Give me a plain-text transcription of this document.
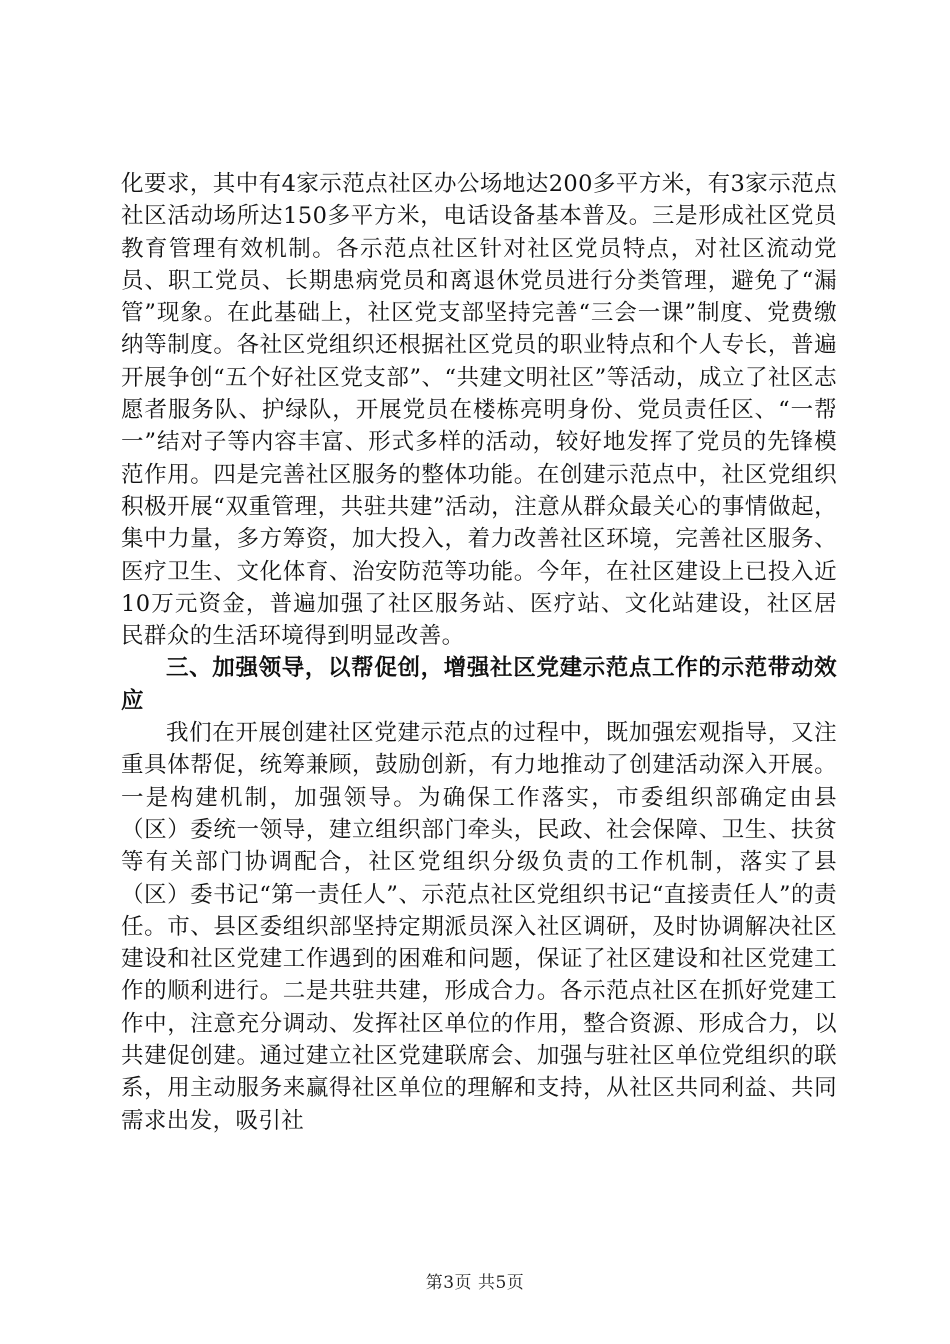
化要求，其中有4家示范点社区办公场地达200多平方米，有3家示范点社区活动场所达150多平方米，电话设备基本普及。三是形成社区党员教育管理有效机制。各示范点社区针对社区党员特点，对社区流动党员、职工党员、长期患病党员和离退休党员进行分类管理，避免了“漏管”现象。在此基础上，社区党支部坚持完善“三会一课”制度、党费缴纳等制度。各社区党组织还根据社区党员的职业特点和个人专长，普遍开展争创“五个好社区党支部”、“共建文明社区”等活动，成立了社区志愿者服务队、护绿队，开展党员在楼栋亮明身份、党员责任区、“一帮一”结对子等内容丰富、形式多样的活动，较好地发挥了党员的先锋模范作用。四是完善社区服务的整体功能。在创建示范点中，社区党组织积极开展“双重管理，共驻共建”活动，注意从群众最关心的事情做起，集中力量，多方筹资，加大投入，着力改善社区环境，完善社区服务、医疗卫生、文化体育、治安防范等功能。今年，在社区建设上已投入近10万元资金，普遍加强了社区服务站、医疗站、文化站建设，社区居民群众的生活环境得到明显改善。

三、加强领导，以帮促创，增强社区党建示范点工作的示范带动效应

我们在开展创建社区党建示范点的过程中，既加强宏观指导，又注重具体帮促，统筹兼顾，鼓励创新，有力地推动了创建活动深入开展。一是构建机制，加强领导。为确保工作落实，市委组织部确定由县（区）委统一领导，建立组织部门牵头，民政、社会保障、卫生、扶贫等有关部门协调配合，社区党组织分级负责的工作机制，落实了县（区）委书记“第一责任人”、示范点社区党组织书记“直接责任人”的责任。市、县区委组织部坚持定期派员深入社区调研，及时协调解决社区建设和社区党建工作遇到的困难和问题，保证了社区建设和社区党建工作的顺利进行。二是共驻共建，形成合力。各示范点社区在抓好党建工作中，注意充分调动、发挥社区单位的作用，整合资源、形成合力，以共建促创建。通过建立社区党建联席会、加强与驻社区单位党组织的联系，用主动服务来赢得社区单位的理解和支持，从社区共同利益、共同需求出发，吸引社

第3页 共5页
